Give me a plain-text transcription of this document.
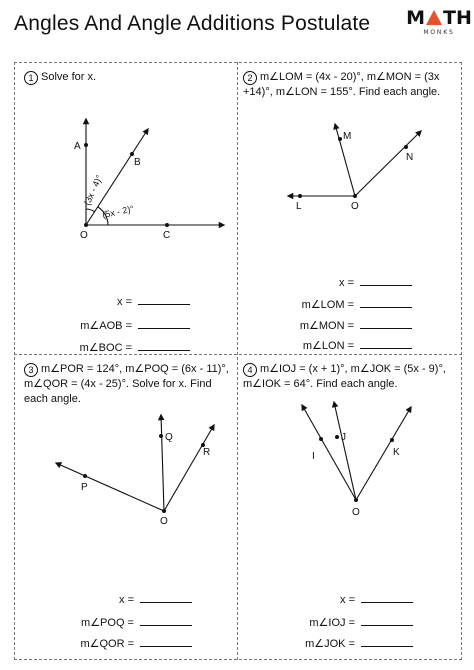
Angles And Angle Additions Postulate M TH
MONKS
1 Solve for x.	2 m∠LOM = (4x - 20)°, m∠MON = (3x +14)°, m∠LON = 155°. Find each angle.
3 m∠POR = 124°, m∠POQ = (6x - 11)°, m∠QOR = (4x - 25)°. Solve for x. Find each angle.
4 m∠IOJ = (x + 1)°, m∠JOK = (5x - 9)°, m∠IOK = 64°. Find each angle.
A
B
O	C
(3x - 4)°
(5x - 2)°
M
N
L	O
Q
R
P
O
I
J
K
O
x =
m∠AOB =
m∠BOC =
x =
m∠LOM =
m∠MON =
m∠LON =
x =
m∠POQ =
m∠QOR =
x =
m∠IOJ =
m∠JOK =
